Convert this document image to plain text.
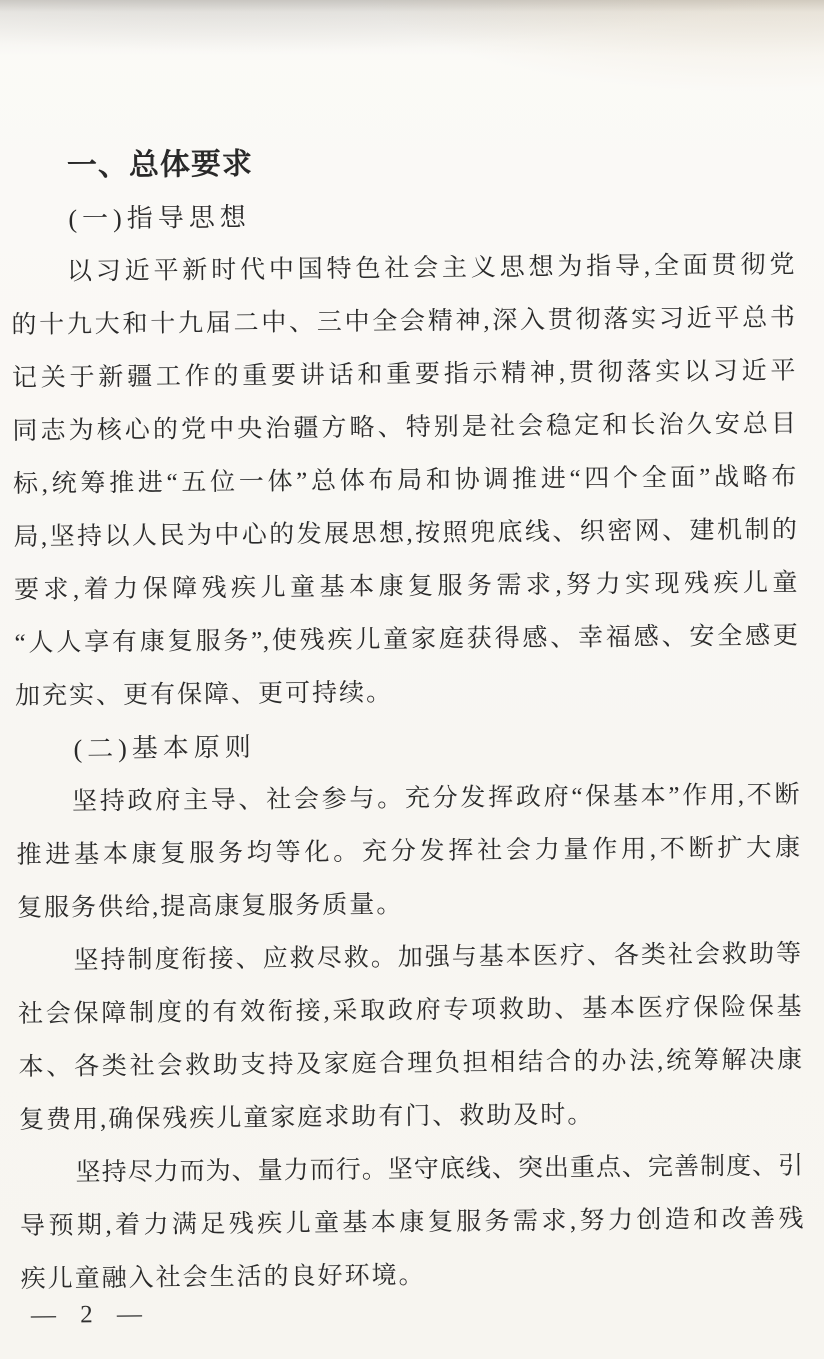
一、总体要求
(一)指导思想
以习近平新时代中国特色社会主义思想为指导,全面贯彻党
的十九大和十九届二中、三中全会精神,深入贯彻落实习近平总书
记关于新疆工作的重要讲话和重要指示精神,贯彻落实以习近平
同志为核心的党中央治疆方略、特别是社会稳定和长治久安总目
标,统筹推进“五位一体”总体布局和协调推进“四个全面”战略布
局,坚持以人民为中心的发展思想,按照兜底线、织密网、建机制的
要求,着力保障残疾儿童基本康复服务需求,努力实现残疾儿童
“人人享有康复服务”,使残疾儿童家庭获得感、幸福感、安全感更
加充实、更有保障、更可持续。
(二)基本原则
坚持政府主导、社会参与。充分发挥政府“保基本”作用,不断
推进基本康复服务均等化。充分发挥社会力量作用,不断扩大康
复服务供给,提高康复服务质量。
坚持制度衔接、应救尽救。加强与基本医疗、各类社会救助等
社会保障制度的有效衔接,采取政府专项救助、基本医疗保险保基
本、各类社会救助支持及家庭合理负担相结合的办法,统筹解决康
复费用,确保残疾儿童家庭求助有门、救助及时。
坚持尽力而为、量力而行。坚守底线、突出重点、完善制度、引
导预期,着力满足残疾儿童基本康复服务需求,努力创造和改善残
疾儿童融入社会生活的良好环境。
— 2 —
